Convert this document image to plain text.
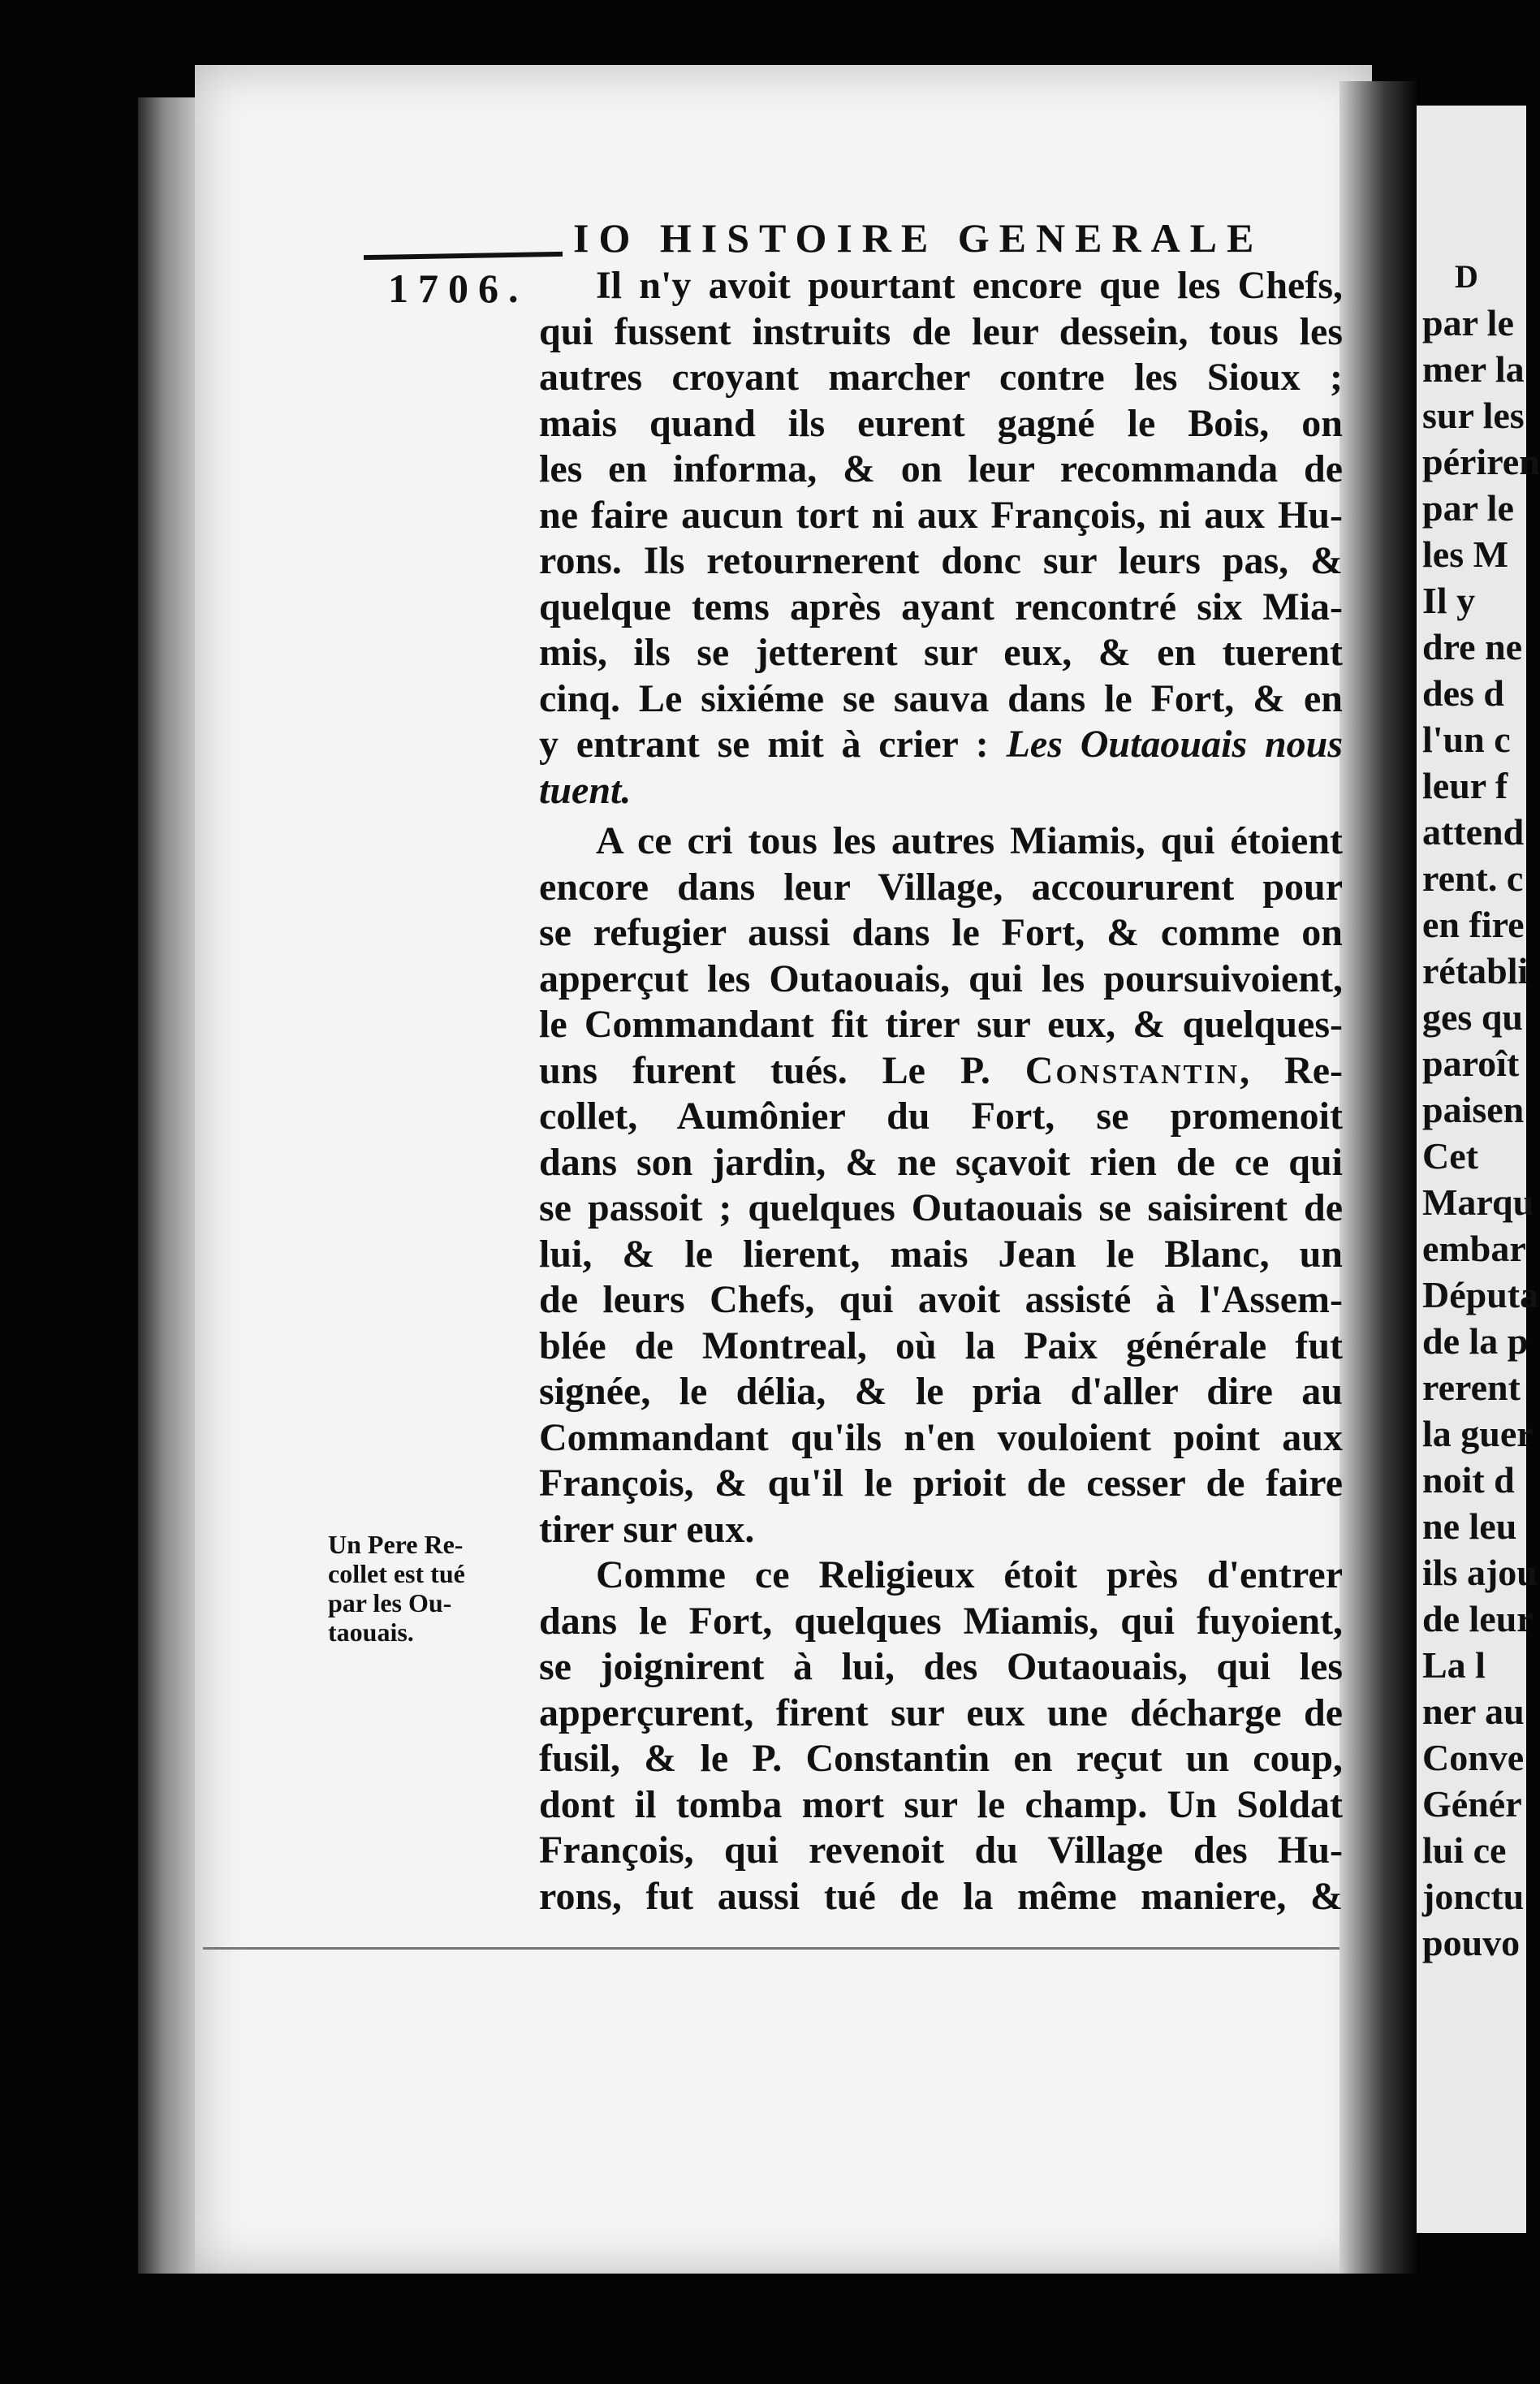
IO HISTOIRE GENERALE
1706.	Il n'y avoit pourtant encore que les Chefs,
qui fussent instruits de leur dessein, tous les
autres croyant marcher contre les Sioux ;
mais quand ils eurent gagné le Bois, on
les en informa, & on leur recommanda de
ne faire aucun tort ni aux François, ni aux Hu-
rons. Ils retournerent donc sur leurs pas, &
quelque tems après ayant rencontré six Mia-
mis, ils se jetterent sur eux, & en tuerent
cinq. Le sixiéme se sauva dans le Fort, & en
y entrant se mit à crier : Les Outaouais nous
tuent.
A ce cri tous les autres Miamis, qui étoient
encore dans leur Village, accoururent pour
se refugier aussi dans le Fort, & comme on
apperçut les Outaouais, qui les poursuivoient,
le Commandant fit tirer sur eux, & quelques-
uns furent tués. Le P. Constantin, Re-
collet, Aumônier du Fort, se promenoit
dans son jardin, & ne sçavoit rien de ce qui
se passoit ; quelques Outaouais se saisirent de
lui, & le lierent, mais Jean le Blanc, un
de leurs Chefs, qui avoit assisté à l'Assem-
blée de Montreal, où la Paix générale fut
signée, le délia, & le pria d'aller dire au
Commandant qu'ils n'en vouloient point aux
François, & qu'il le prioit de cesser de faire
tirer sur eux.
Comme ce Religieux étoit près d'entrer
dans le Fort, quelques Miamis, qui fuyoient,
se joignirent à lui, des Outaouais, qui les
apperçurent, firent sur eux une décharge de
fusil, & le P. Constantin en reçut un coup,
dont il tomba mort sur le champ. Un Soldat
François, qui revenoit du Village des Hu-
rons, fut aussi tué de la même maniere, &
Un Pere Re-
collet est tué
par les Ou-
taouais.
D
par le
mer la
sur les
périren
par le
les M
Il y
dre ne
des d
l'un c
leur f
attend
rent. c
en fire
rétabli
ges qu
paroît
paisen
Cet
Marqu
embar
Députa
de la p
rerent
la guer
noit d
ne leu
ils ajou
de leur
La l
ner au
Conve
Génér
lui ce
jonctu
pouvo
